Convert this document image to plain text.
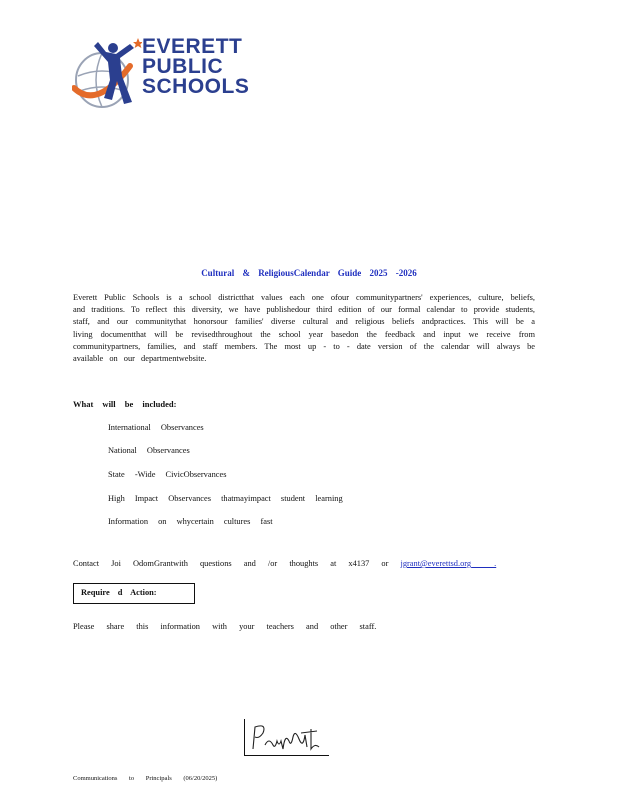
EVERETT
PUBLIC
SCHOOLS
Cultural & ReligiousCalendar Guide 2025 -2026
Everett Public Schools is a school districtthat values each one ofour communitypartners' experiences, culture, beliefs, and traditions. To reflect this diversity, we have publishedour third edition of our formal calendar to provide students, staff, and our communitythat honorsour families' diverse cultural and religious beliefs andpractices. This will be a living documentthat will be revisedthroughout the school year basedon the feedback and input we receive from communitypartners, families, and staff members. The most up - to - date version of the calendar will always be available on our departmentwebsite.
What will be included:
International Observances
National Observances
State -Wide CivicObservances
High Impact Observances thatmayimpact student learning
Information on whycertain cultures fast
Contact Joi OdomGrantwith questions and /or thoughts at x4137 or jgrant@everettsd.org           .
Require d Action:
Please share this information with your teachers and other staff.
Communications to Principals (06/20/2025)
